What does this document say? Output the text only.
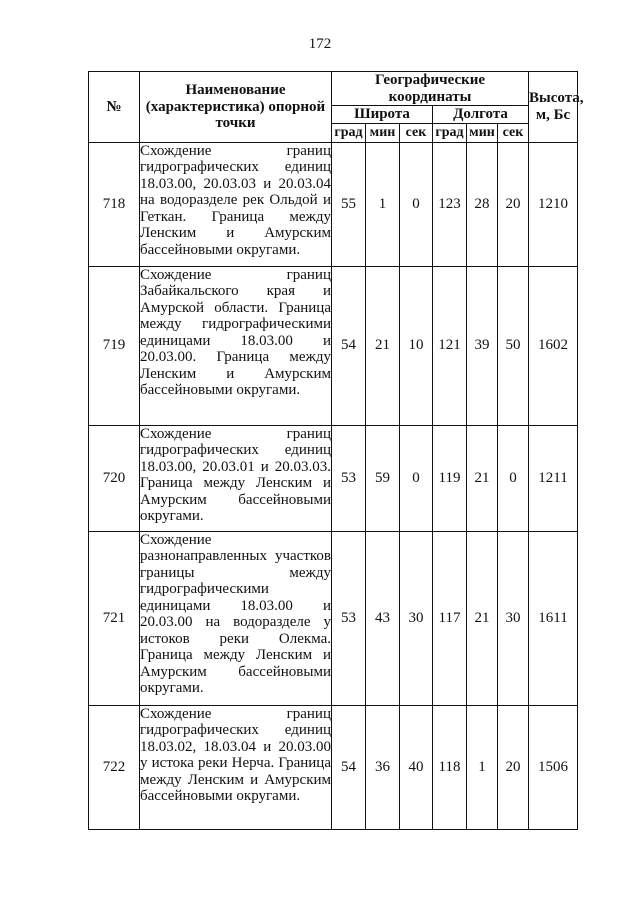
172
№	Наименование (характеристика) опорной точки	Географические координаты						Высота, м, Бс
		Широта			Долгота			
		град	мин	сек	град	мин	сек	
718	Схождение границ гидрографических единиц 18.03.00, 20.03.03 и 20.03.04 на водоразделе рек Ольдой и Геткан. Граница между Ленским и Амурским бассейновыми округами.	55	1	0	123	28	20	1210
719	Схождение границ Забайкальского края и Амурской области. Граница между гидрографическими единицами 18.03.00 и 20.03.00. Граница между Ленским и Амурским бассейновыми округами.	54	21	10	121	39	50	1602
720	Схождение границ гидрографических единиц 18.03.00, 20.03.01 и 20.03.03. Граница между Ленским и Амурским бассейновыми округами.	53	59	0	119	21	0	1211
721	Схождение разнонаправленных участков границы между гидрографическими единицами 18.03.00 и 20.03.00 на водоразделе у истоков реки Олекма. Граница между Ленским и Амурским бассейновыми округами.	53	43	30	117	21	30	1611
722	Схождение границ гидрографических единиц 18.03.02, 18.03.04 и 20.03.00 у истока реки Нерча. Граница между Ленским и Амурским бассейновыми округами.	54	36	40	118	1	20	1506
